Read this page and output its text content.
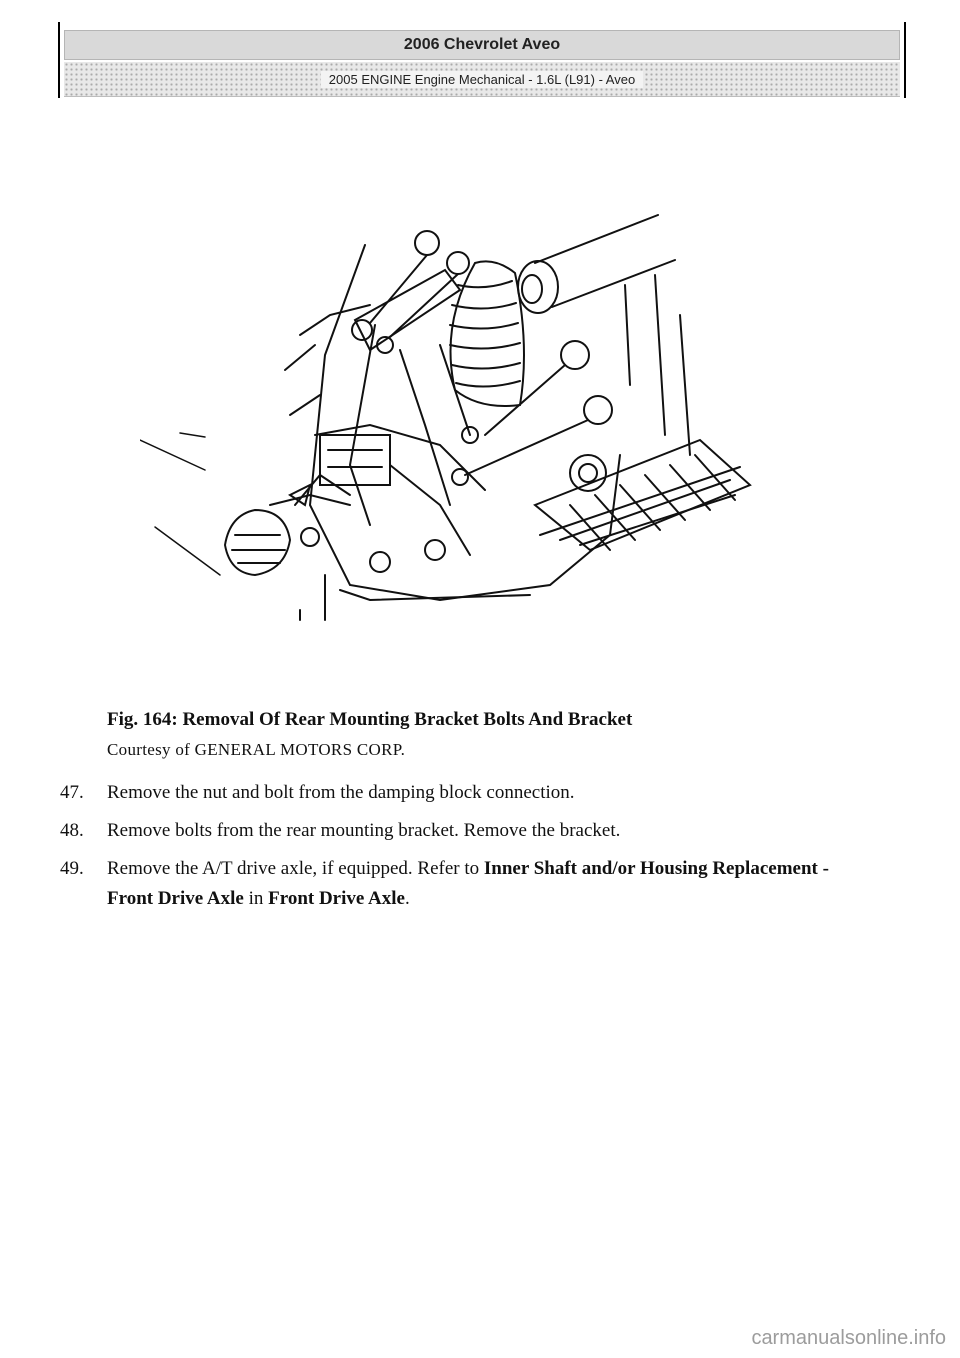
2006 Chevrolet Aveo
2005 ENGINE Engine Mechanical - 1.6L (L91) - Aveo
Fig. 164: Removal Of Rear Mounting Bracket Bolts And Bracket
Courtesy of GENERAL MOTORS CORP.
47.	Remove the nut and bolt from the damping block connection.
48.	Remove bolts from the rear mounting bracket. Remove the bracket.
49.	Remove the A/T drive axle, if equipped. Refer to Inner Shaft and/or Housing Replacement - Front Drive Axle in Front Drive Axle.
carmanualsonline.info
